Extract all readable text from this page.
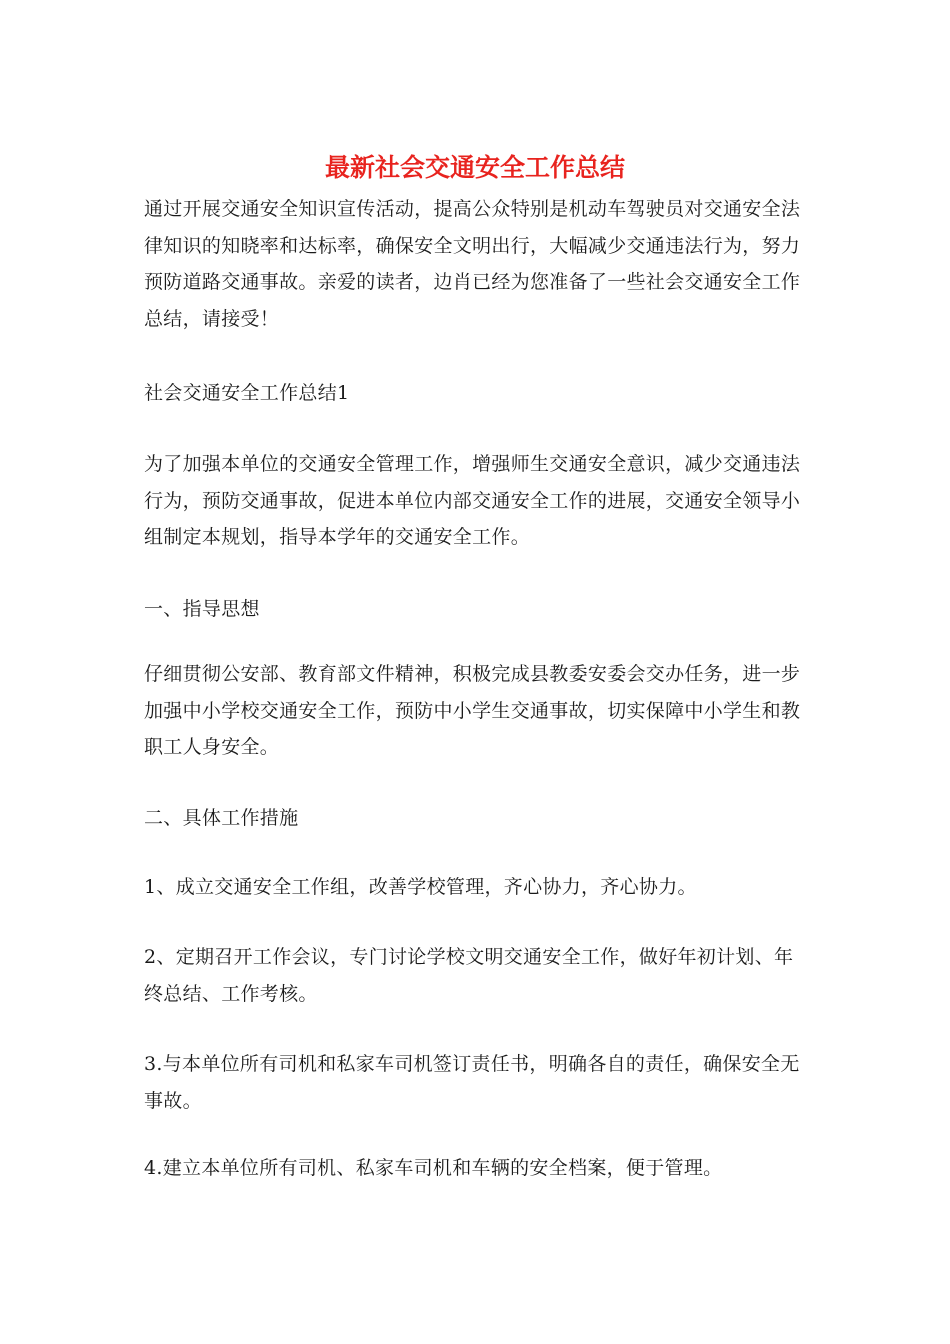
最新社会交通安全工作总结

通过开展交通安全知识宣传活动，提高公众特别是机动车驾驶员对交通安全法律知识的知晓率和达标率，确保安全文明出行，大幅减少交通违法行为，努力预防道路交通事故。亲爱的读者，边肖已经为您准备了一些社会交通安全工作总结，请接受！

社会交通安全工作总结1

为了加强本单位的交通安全管理工作，增强师生交通安全意识，减少交通违法行为，预防交通事故，促进本单位内部交通安全工作的进展，交通安全领导小组制定本规划，指导本学年的交通安全工作。

一、指导思想

仔细贯彻公安部、教育部文件精神，积极完成县教委安委会交办任务，进一步加强中小学校交通安全工作，预防中小学生交通事故，切实保障中小学生和教职工人身安全。

二、具体工作措施

1、成立交通安全工作组，改善学校管理，齐心协力，齐心协力。

2、定期召开工作会议，专门讨论学校文明交通安全工作，做好年初计划、年终总结、工作考核。

3.与本单位所有司机和私家车司机签订责任书，明确各自的责任，确保安全无事故。

4.建立本单位所有司机、私家车司机和车辆的安全档案，便于管理。
